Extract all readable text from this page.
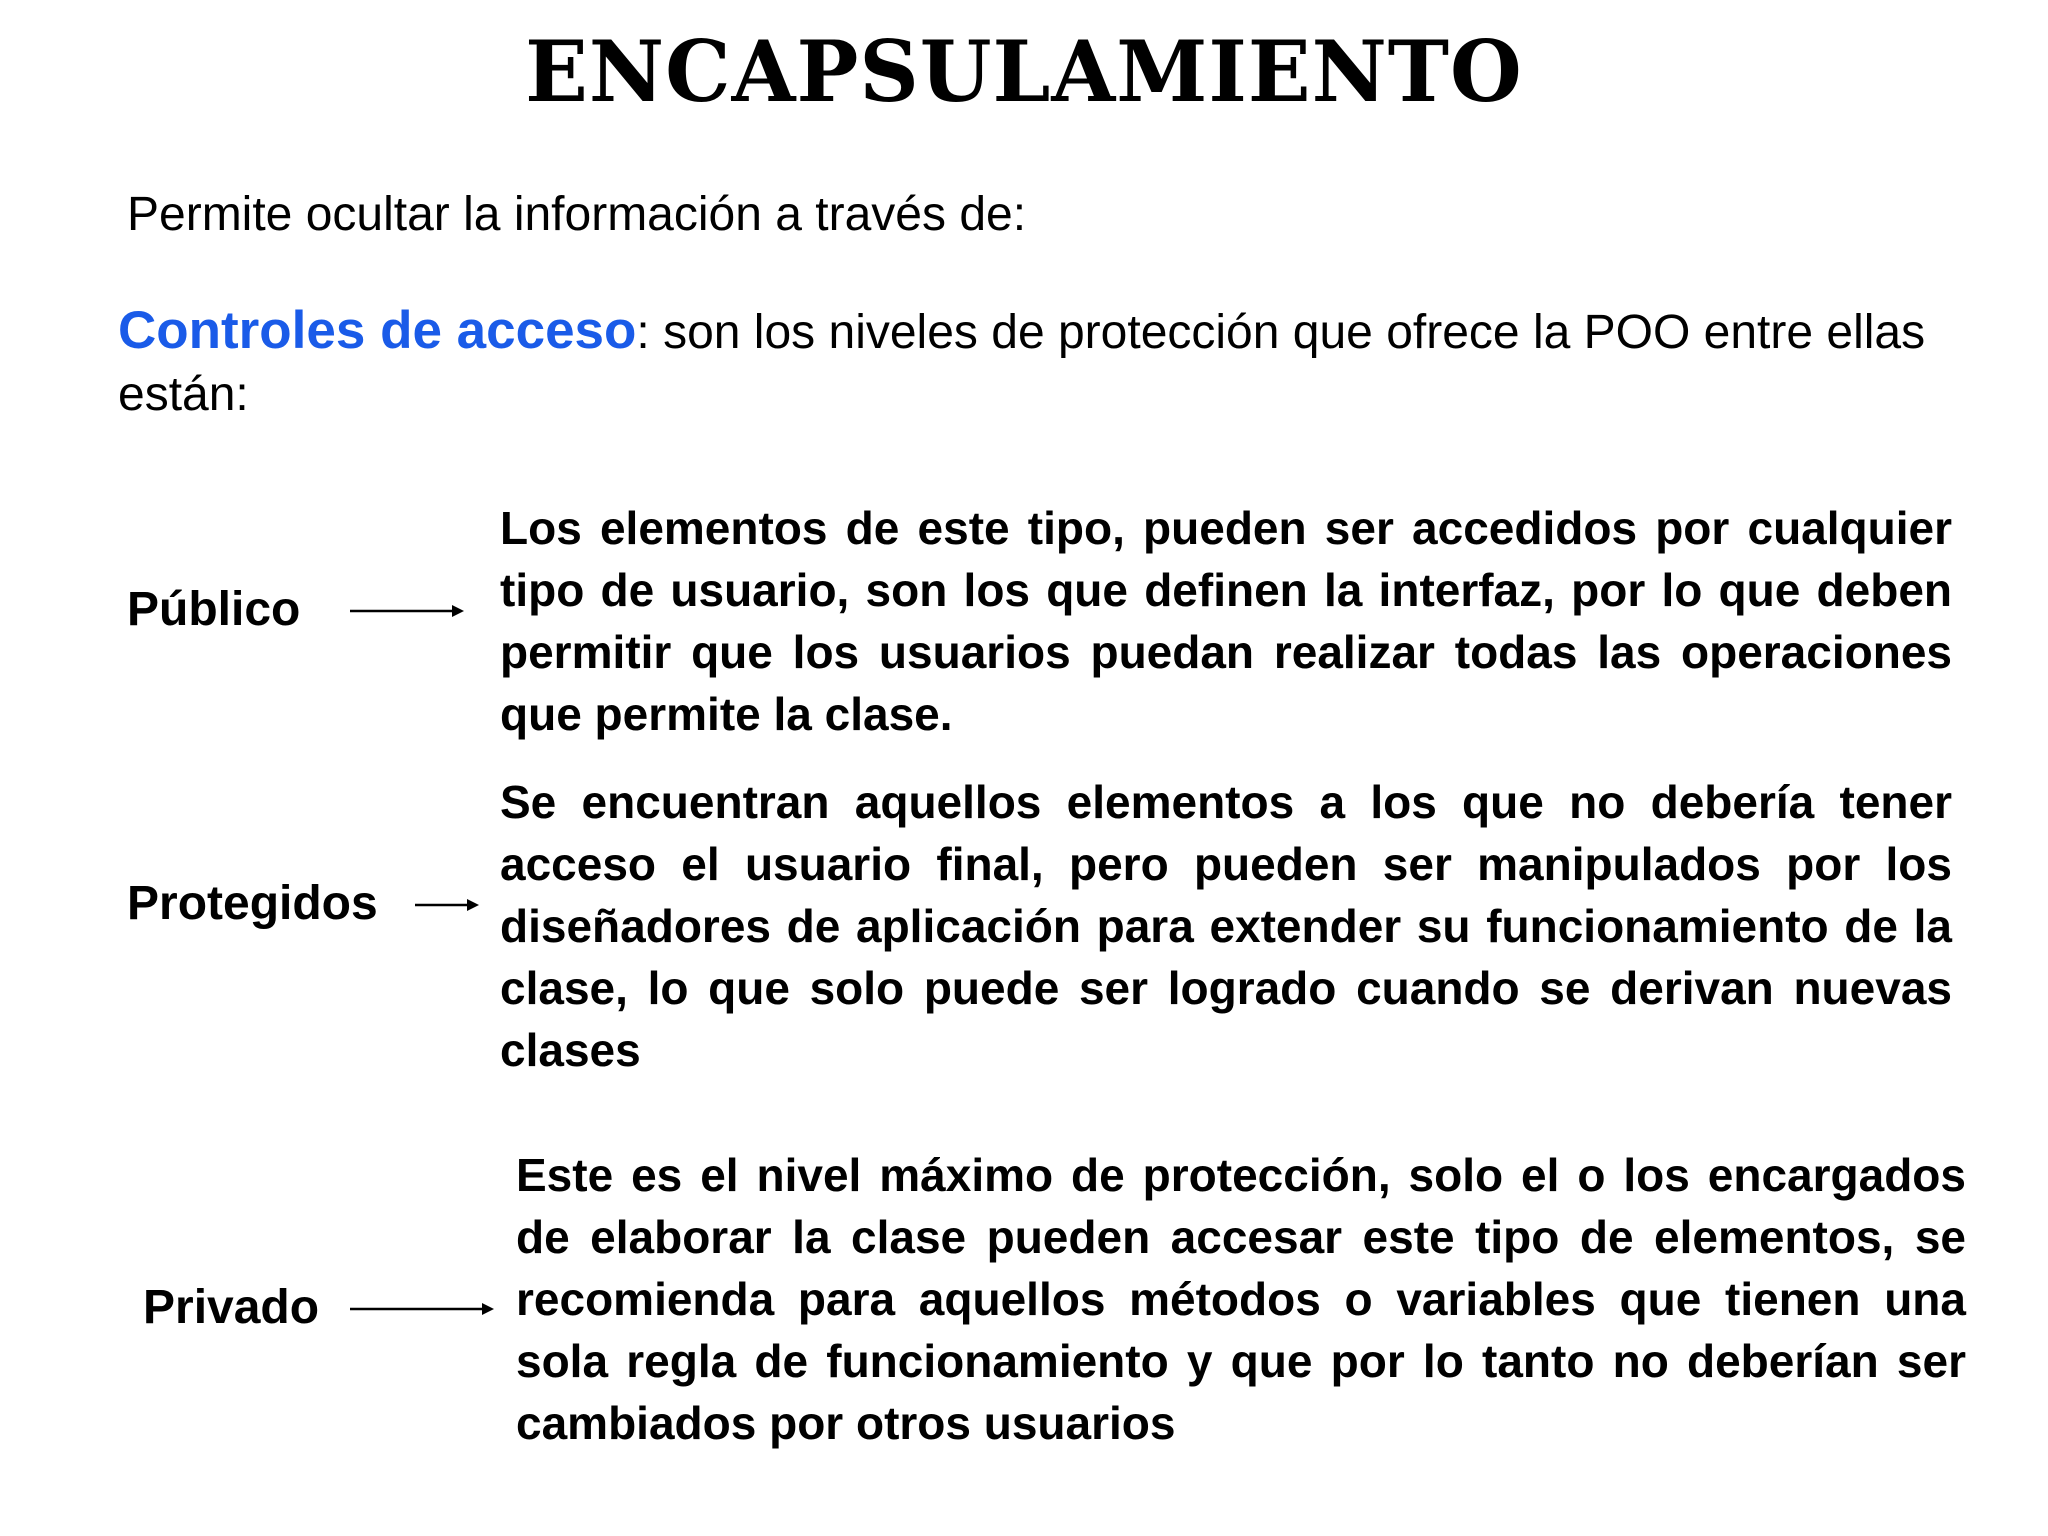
ENCAPSULAMIENTO

Permite ocultar la información a través de:

Controles de acceso: son los niveles de protección que ofrece la POO entre ellas están:

Público

Los elementos de este tipo, pueden ser accedidos por cualquier tipo de usuario, son los que definen la interfaz, por lo que deben permitir que los usuarios puedan realizar todas las operaciones que permite la clase.

Protegidos

Se encuentran aquellos elementos a los que no debería tener acceso el usuario final, pero pueden ser manipulados por los diseñadores de aplicación para extender su funcionamiento de la clase, lo que solo puede ser logrado cuando se derivan nuevas clases

Privado

Este es el nivel máximo de protección, solo el o los encargados de elaborar la clase pueden accesar este tipo de elementos, se recomienda para aquellos métodos o variables que tienen una sola regla de funcionamiento y que por lo tanto no deberían ser cambiados por otros usuarios
